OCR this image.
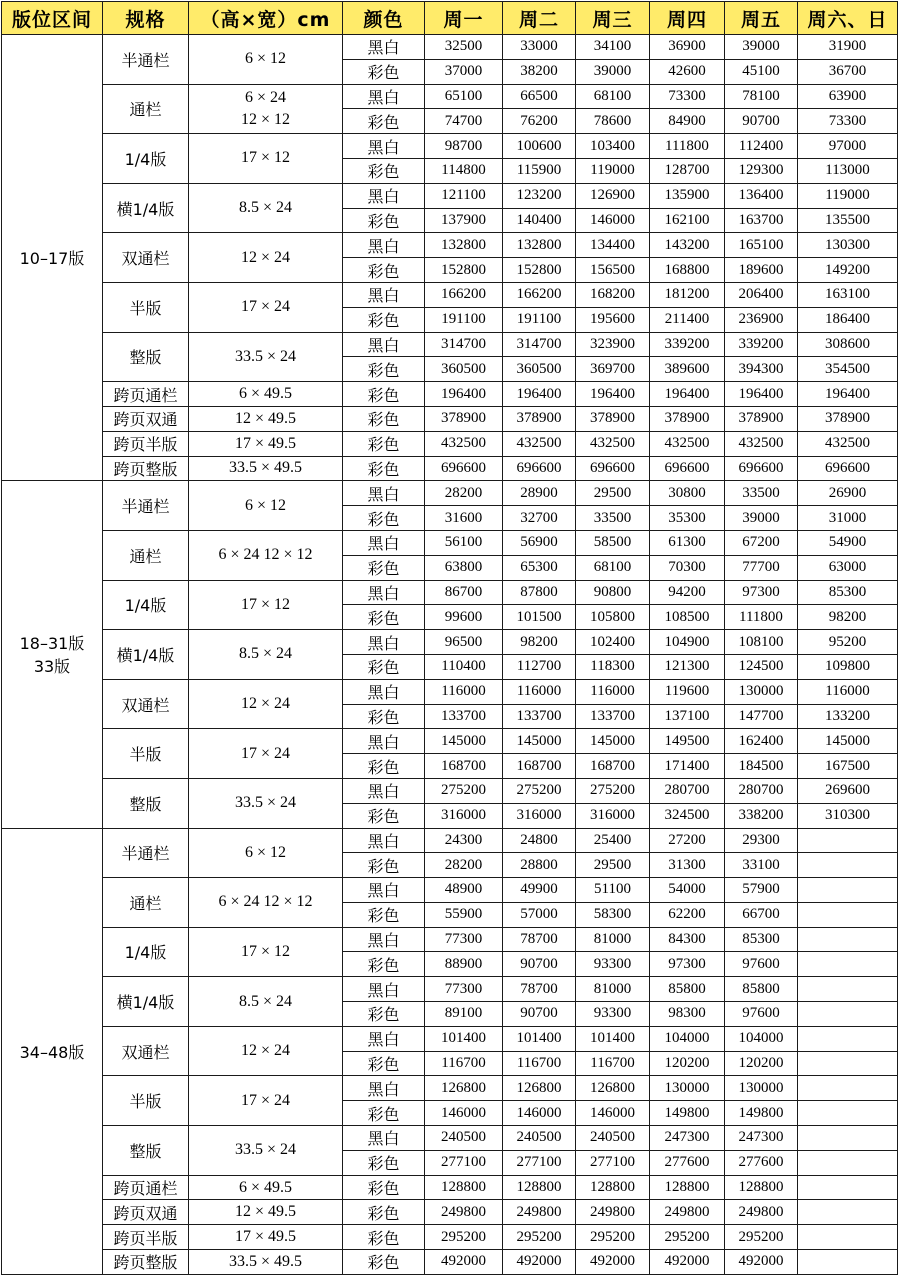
版位区间	规格	（高×宽）cm	颜色	周一	周二	周三	周四	周五	周六、日

10–17版	半通栏	6 × 12	黑白	32500	33000	34100	36900	39000	31900
			彩色	37000	38200	39000	42600	45100	36700
	通栏	6 × 24
12 × 12	黑白	65100	66500	68100	73300	78100	63900
			彩色	74700	76200	78600	84900	90700	73300
	1/4版	17 × 12	黑白	98700	100600	103400	111800	112400	97000
			彩色	114800	115900	119000	128700	129300	113000
	横1/4版	8.5 × 24	黑白	121100	123200	126900	135900	136400	119000
			彩色	137900	140400	146000	162100	163700	135500
	双通栏	12 × 24	黑白	132800	132800	134400	143200	165100	130300
			彩色	152800	152800	156500	168800	189600	149200
	半版	17 × 24	黑白	166200	166200	168200	181200	206400	163100
			彩色	191100	191100	195600	211400	236900	186400
	整版	33.5 × 24	黑白	314700	314700	323900	339200	339200	308600
			彩色	360500	360500	369700	389600	394300	354500
	跨页通栏	6 × 49.5	彩色	196400	196400	196400	196400	196400	196400
	跨页双通	12 × 49.5	彩色	378900	378900	378900	378900	378900	378900
	跨页半版	17 × 49.5	彩色	432500	432500	432500	432500	432500	432500
	跨页整版	33.5 × 49.5	彩色	696600	696600	696600	696600	696600	696600

18–31版
33版	半通栏	6 × 12	黑白	28200	28900	29500	30800	33500	26900
			彩色	31600	32700	33500	35300	39000	31000
	通栏	6 × 24 12 × 12	黑白	56100	56900	58500	61300	67200	54900
			彩色	63800	65300	68100	70300	77700	63000
	1/4版	17 × 12	黑白	86700	87800	90800	94200	97300	85300
			彩色	99600	101500	105800	108500	111800	98200
	横1/4版	8.5 × 24	黑白	96500	98200	102400	104900	108100	95200
			彩色	110400	112700	118300	121300	124500	109800
	双通栏	12 × 24	黑白	116000	116000	116000	119600	130000	116000
			彩色	133700	133700	133700	137100	147700	133200
	半版	17 × 24	黑白	145000	145000	145000	149500	162400	145000
			彩色	168700	168700	168700	171400	184500	167500
	整版	33.5 × 24	黑白	275200	275200	275200	280700	280700	269600
			彩色	316000	316000	316000	324500	338200	310300

34–48版	半通栏	6 × 12	黑白	24300	24800	25400	27200	29300	
			彩色	28200	28800	29500	31300	33100	
	通栏	6 × 24 12 × 12	黑白	48900	49900	51100	54000	57900	
			彩色	55900	57000	58300	62200	66700	
	1/4版	17 × 12	黑白	77300	78700	81000	84300	85300	
			彩色	88900	90700	93300	97300	97600	
	横1/4版	8.5 × 24	黑白	77300	78700	81000	85800	85800	
			彩色	89100	90700	93300	98300	97600	
	双通栏	12 × 24	黑白	101400	101400	101400	104000	104000	
			彩色	116700	116700	116700	120200	120200	
	半版	17 × 24	黑白	126800	126800	126800	130000	130000	
			彩色	146000	146000	146000	149800	149800	
	整版	33.5 × 24	黑白	240500	240500	240500	247300	247300	
			彩色	277100	277100	277100	277600	277600	
	跨页通栏	6 × 49.5	彩色	128800	128800	128800	128800	128800	
	跨页双通	12 × 49.5	彩色	249800	249800	249800	249800	249800	
	跨页半版	17 × 49.5	彩色	295200	295200	295200	295200	295200	
	跨页整版	33.5 × 49.5	彩色	492000	492000	492000	492000	492000	
